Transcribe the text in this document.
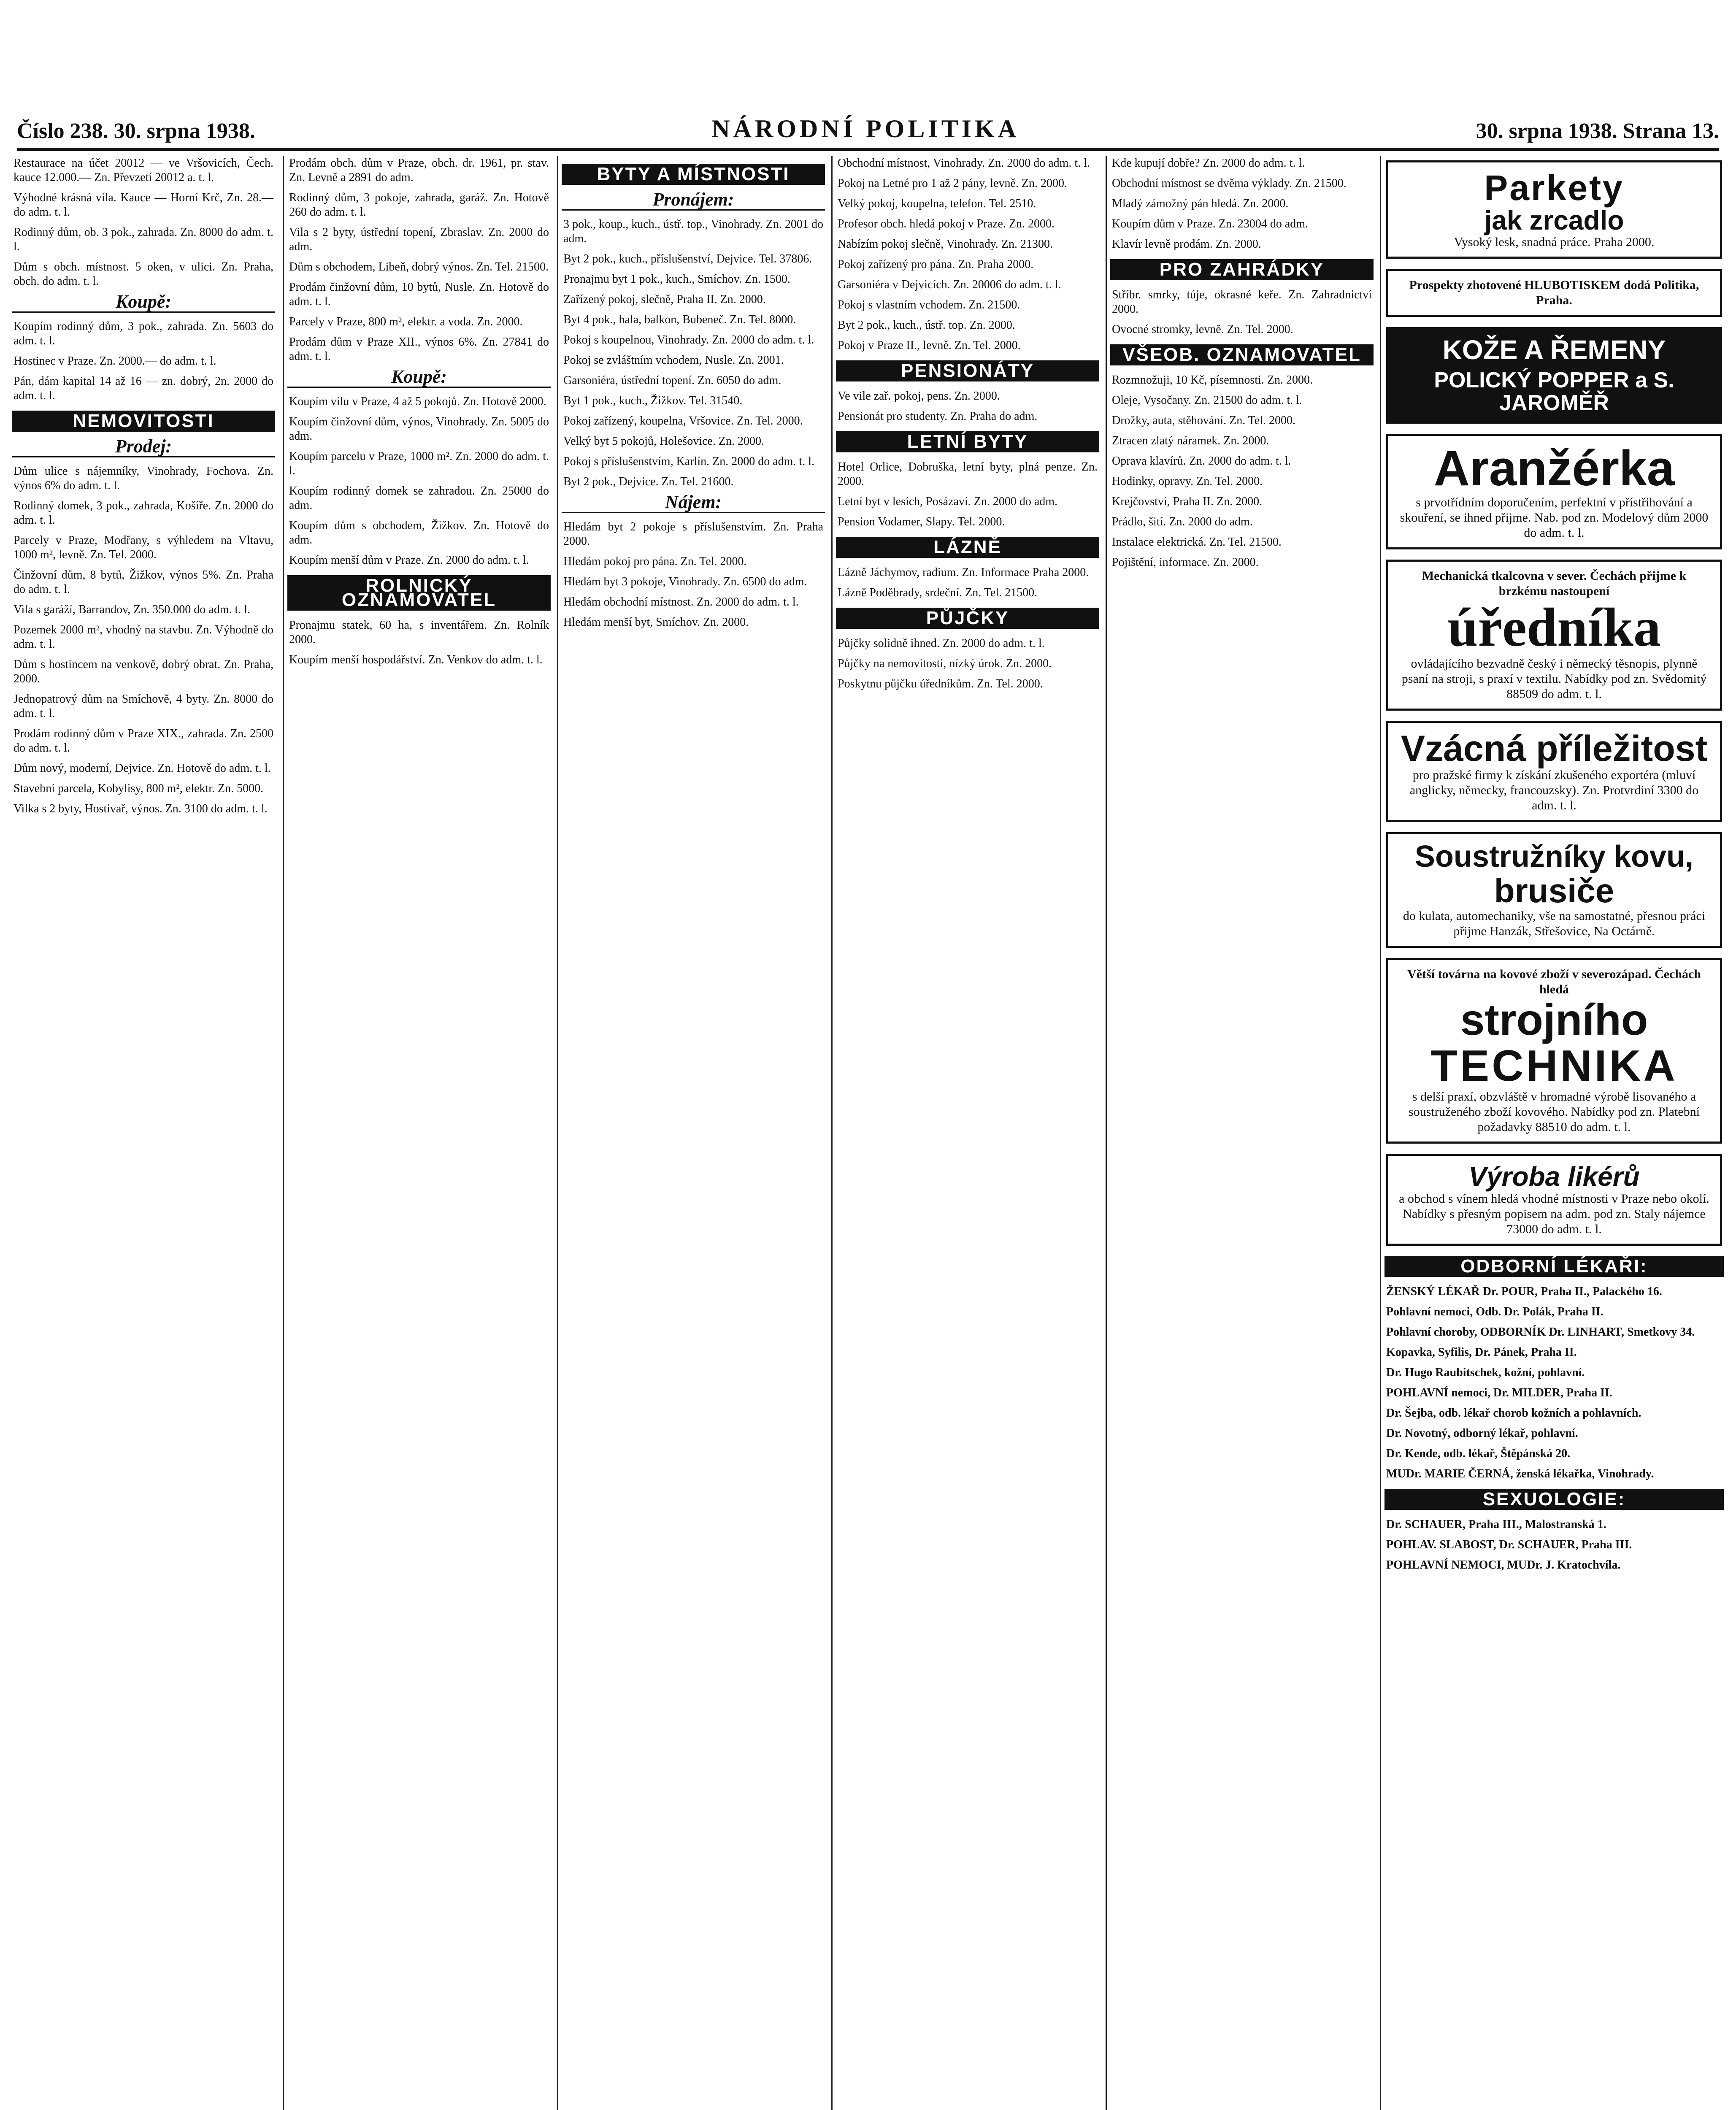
Číslo 238. 30. srpna 1938.	NÁRODNÍ POLITIKA	30. srpna 1938. Strana 13.

Restaurace na účet 20012 — ve Vršovicích, Čech. kauce 12.000.— Zn. Převzetí 20012 a. t. l.

Výhodné krásná vila. Kauce — Horní Krč, Zn. 28.— do adm. t. l.

Rodinný dům, ob. 3 pok., zahrada. Zn. 8000 do adm. t. l.

Dům s obch. místnost. 5 oken, v ulici. Zn. Praha, obch. do adm. t. l.

Koupě:

Koupím rodinný dům, 3 pok., zahrada. Zn. 5603 do adm. t. l.

Hostinec v Praze. Zn. 2000.— do adm. t. l.

Pán, dám kapital 14 až 16 — zn. dobrý, 2n. 2000 do adm. t. l.

NEMOVITOSTI
Prodej:

Dům ulice s nájemníky, Vinohrady, Fochova. Zn. výnos 6% do adm. t. l.

Rodinný domek, 3 pok., zahrada, Košíře. Zn. 2000 do adm. t. l.

Parcely v Praze, Modřany, s výhledem na Vltavu, 1000 m², levně. Zn. Tel. 2000.

Činžovní dům, 8 bytů, Žižkov, výnos 5%. Zn. Praha do adm. t. l.

Vila s garáží, Barrandov, Zn. 350.000 do adm. t. l.

Pozemek 2000 m², vhodný na stavbu. Zn. Výhodně do adm. t. l.

Dům s hostincem na venkově, dobrý obrat. Zn. Praha, 2000.

Jednopatrový dům na Smíchově, 4 byty. Zn. 8000 do adm. t. l.

Prodám rodinný dům v Praze XIX., zahrada. Zn. 2500 do adm. t. l.

Dům nový, moderní, Dejvice. Zn. Hotově do adm. t. l.

Stavební parcela, Kobylisy, 800 m², elektr. Zn. 5000.

Vilka s 2 byty, Hostivař, výnos. Zn. 3100 do adm. t. l.

Prodám obch. dům v Praze, obch. dr. 1961, pr. stav. Zn. Levně a 2891 do adm.

Rodinný dům, 3 pokoje, zahrada, garáž. Zn. Hotově 260 do adm. t. l.

Vila s 2 byty, ústřední topení, Zbraslav. Zn. 2000 do adm.

Dům s obchodem, Libeň, dobrý výnos. Zn. Tel. 21500.

Prodám činžovní dům, 10 bytů, Nusle. Zn. Hotově do adm. t. l.

Parcely v Praze, 800 m², elektr. a voda. Zn. 2000.

Prodám dům v Praze XII., výnos 6%. Zn. 27841 do adm. t. l.

Koupě:

Koupím vilu v Praze, 4 až 5 pokojů. Zn. Hotově 2000.

Koupím činžovní dům, výnos, Vinohrady. Zn. 5005 do adm.

Koupím parcelu v Praze, 1000 m². Zn. 2000 do adm. t. l.

Koupím rodinný domek se zahradou. Zn. 25000 do adm.

Koupím dům s obchodem, Žižkov. Zn. Hotově do adm.

Koupím menší dům v Praze. Zn. 2000 do adm. t. l.

ROLNICKÝ OZNAMOVATEL

Pronajmu statek, 60 ha, s inventářem. Zn. Rolník 2000.

Koupím menší hospodářství. Zn. Venkov do adm. t. l.

BYTY A MÍSTNOSTI
Pronájem:

3 pok., koup., kuch., ústř. top., Vinohrady. Zn. 2001 do adm.

Byt 2 pok., kuch., příslušenství, Dejvice. Tel. 37806.

Pronajmu byt 1 pok., kuch., Smíchov. Zn. 1500.

Zařízený pokoj, slečně, Praha II. Zn. 2000.

Byt 4 pok., hala, balkon, Bubeneč. Zn. Tel. 8000.

Pokoj s koupelnou, Vinohrady. Zn. 2000 do adm. t. l.

Pokoj se zvláštním vchodem, Nusle. Zn. 2001.

Garsoniéra, ústřední topení. Zn. 6050 do adm.

Byt 1 pok., kuch., Žižkov. Tel. 31540.

Pokoj zařízený, koupelna, Vršovice. Zn. Tel. 2000.

Velký byt 5 pokojů, Holešovice. Zn. 2000.

Pokoj s příslušenstvím, Karlín. Zn. 2000 do adm. t. l.

Byt 2 pok., Dejvice. Zn. Tel. 21600.

Nájem:

Hledám byt 2 pokoje s příslušenstvím. Zn. Praha 2000.

Hledám pokoj pro pána. Zn. Tel. 2000.

Hledám byt 3 pokoje, Vinohrady. Zn. 6500 do adm.

Hledám obchodní místnost. Zn. 2000 do adm. t. l.

Hledám menší byt, Smíchov. Zn. 2000.

Obchodní místnost, Vinohrady. Zn. 2000 do adm. t. l.

Pokoj na Letné pro 1 až 2 pány, levně. Zn. 2000.

Velký pokoj, koupelna, telefon. Tel. 2510.

Profesor obch. hledá pokoj v Praze. Zn. 2000.

Nabízím pokoj slečně, Vinohrady. Zn. 21300.

Pokoj zařízený pro pána. Zn. Praha 2000.

Garsoniéra v Dejvicích. Zn. 20006 do adm. t. l.

Pokoj s vlastním vchodem. Zn. 21500.

Byt 2 pok., kuch., ústř. top. Zn. 2000.

Pokoj v Praze II., levně. Zn. Tel. 2000.

PENSIONÁTY

Ve vile zař. pokoj, pens. Zn. 2000.

Pensionát pro studenty. Zn. Praha do adm.

LETNÍ BYTY

Hotel Orlice, Dobruška, letní byty, plná penze. Zn. 2000.

Letní byt v lesích, Posázaví. Zn. 2000 do adm.

Pension Vodamer, Slapy. Tel. 2000.

LÁZNĚ

Lázně Jáchymov, radium. Zn. Informace Praha 2000.

Lázně Poděbrady, srdeční. Zn. Tel. 21500.

PŮJČKY

Půjčky solidně ihned. Zn. 2000 do adm. t. l.

Půjčky na nemovitosti, nízký úrok. Zn. 2000.

Poskytnu půjčku úředníkům. Zn. Tel. 2000.

Kde kupují dobře? Zn. 2000 do adm. t. l.

Obchodní místnost se dvěma výklady. Zn. 21500.

Mladý zámožný pán hledá. Zn. 2000.

Koupím dům v Praze. Zn. 23004 do adm.

Klavír levně prodám. Zn. 2000.

PRO ZAHRÁDKY

Stříbr. smrky, túje, okrasné keře. Zn. Zahradnictví 2000.

Ovocné stromky, levně. Zn. Tel. 2000.

VŠEOB. OZNAMOVATEL

Rozmnožuji, 10 Kč, písemnosti. Zn. 2000.

Oleje, Vysočany. Zn. 21500 do adm. t. l.

Drožky, auta, stěhování. Zn. Tel. 2000.

Ztracen zlatý náramek. Zn. 2000.

Oprava klavírů. Zn. 2000 do adm. t. l.

Hodinky, opravy. Zn. Tel. 2000.

Krejčovství, Praha II. Zn. 2000.

Prádlo, šití. Zn. 2000 do adm.

Instalace elektrická. Zn. Tel. 21500.

Pojištění, informace. Zn. 2000.

Parkety
jak zrcadlo
Vysoký lesk, snadná práce. Praha 2000.
Prospekty zhotovené HLUBOTISKEM dodá Politika, Praha.
KOŽE A ŘEMENY
POLICKÝ POPPER a S. JAROMĚŘ
Aranžérka
s prvotřídním doporučením, perfektní v přístřihování a skouření, se ihned přijme. Nab. pod zn. Modelový dům 2000 do adm. t. l.
Mechanická tkalcovna v sever. Čechách přijme k brzkému nastoupení
úředníka
ovládajícího bezvadně český i německý těsnopis, plynně psaní na stroji, s praxí v textilu. Nabídky pod zn. Svědomitý 88509 do adm. t. l.
Vzácná příležitost
pro pražské firmy k získání zkušeného exportéra (mluví anglicky, německy, francouzsky). Zn. Protvrdiní 3300 do adm. t. l.
Soustružníky kovu,
brusiče
do kulata, automechaniky, vše na samostatné, přesnou práci přijme Hanzák, Střešovice, Na Octárně.
Větší továrna na kovové zboží v severozápad. Čechách hledá
strojního
TECHNIKA
s delší praxí, obzvláště v hromadné výrobě lisovaného a soustruženého zboží kovového. Nabídky pod zn. Platební požadavky 88510 do adm. t. l.
Výroba likérů
a obchod s vínem hledá vhodné místnosti v Praze nebo okolí. Nabídky s přesným popisem na adm. pod zn. Staly nájemce 73000 do adm. t. l.
ODBORNÍ LÉKAŘI:

ŽENSKÝ LÉKAŘ Dr. POUR, Praha II., Palackého 16.

Pohlavní nemoci, Odb. Dr. Polák, Praha II.

Pohlavní choroby, ODBORNÍK Dr. LINHART, Smetkovy 34.

Kopavka, Syfilis, Dr. Pánek, Praha II.

Dr. Hugo Raubitschek, kožní, pohlavní.

POHLAVNÍ nemoci, Dr. MILDER, Praha II.

Dr. Šejba, odb. lékař chorob kožních a pohlavních.

Dr. Novotný, odborný lékař, pohlavní.

Dr. Kende, odb. lékař, Štěpánská 20.

MUDr. MARIE ČERNÁ, ženská lékařka, Vinohrady.

SEXUOLOGIE:

Dr. SCHAUER, Praha III., Malostranská 1.

POHLAV. SLABOST, Dr. SCHAUER, Praha III.

POHLAVNÍ NEMOCI, MUDr. J. Kratochvíla.
